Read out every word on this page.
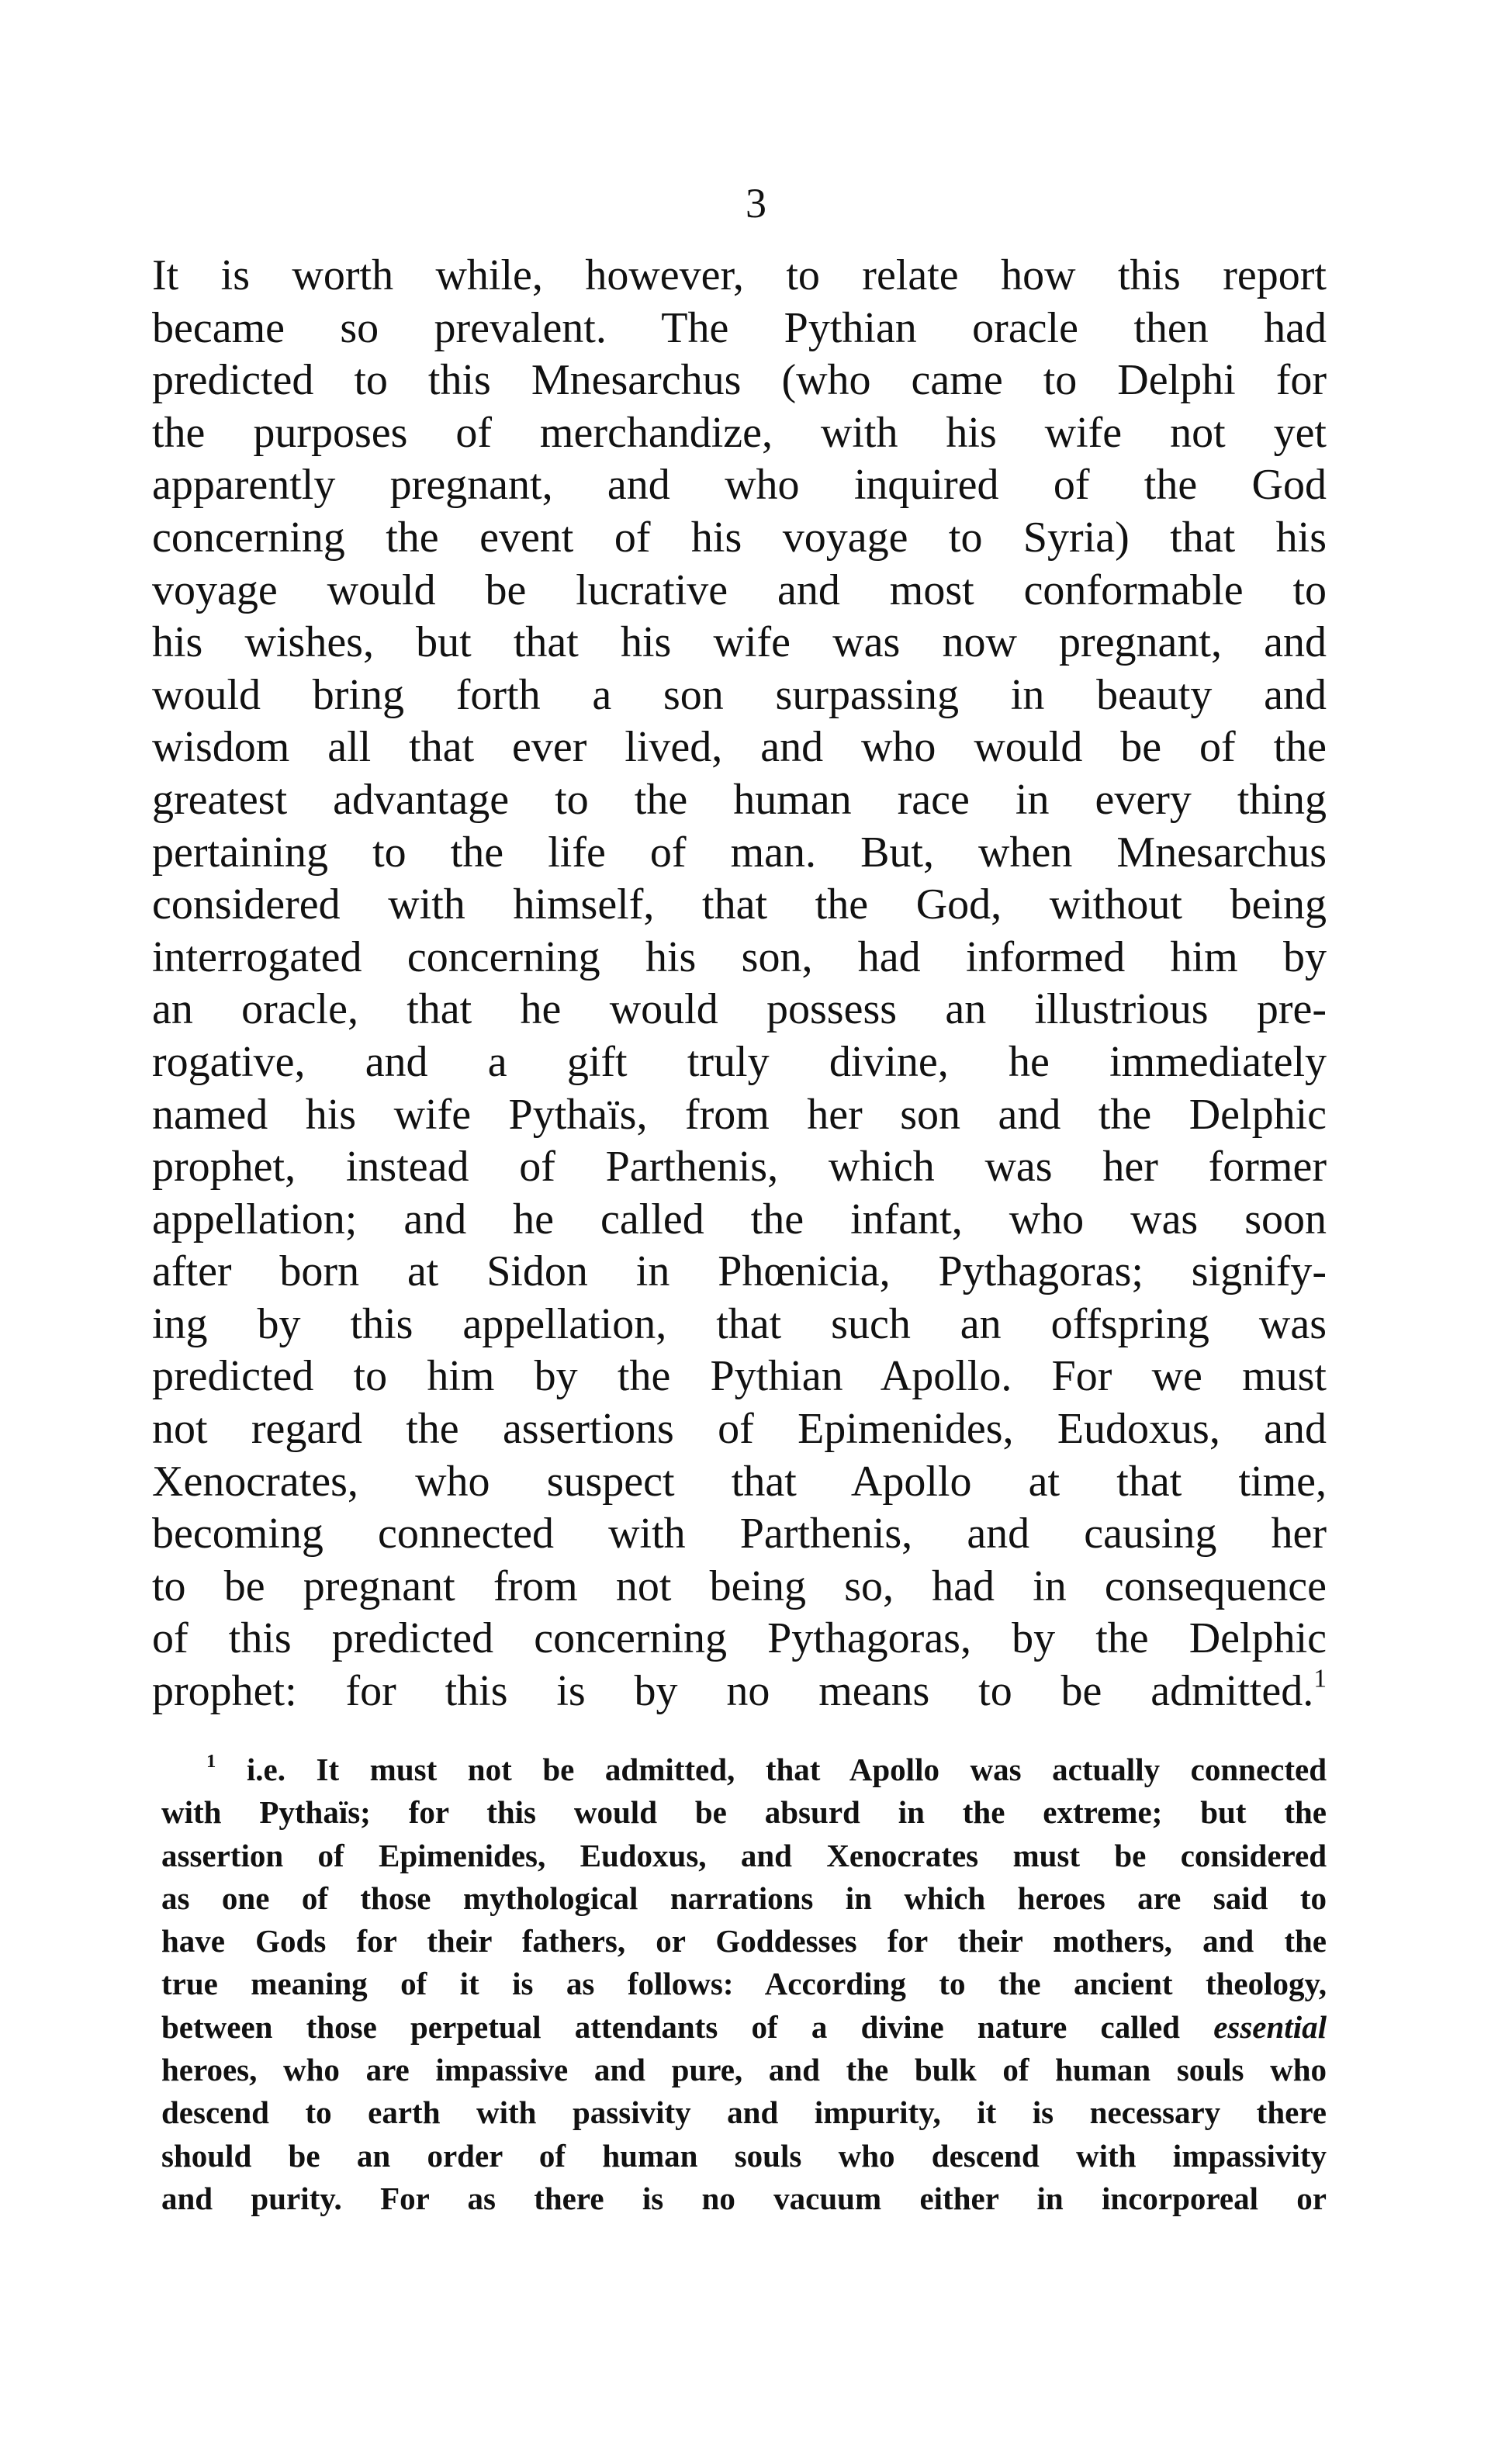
3
It is worth while, however, to relate how this report
became so prevalent. The Pythian oracle then had
predicted to this Mnesarchus (who came to Delphi for
the purposes of merchandize, with his wife not yet
apparently pregnant, and who inquired of the God
concerning the event of his voyage to Syria) that his
voyage would be lucrative and most conformable to
his wishes, but that his wife was now pregnant, and
would bring forth a son surpassing in beauty and
wisdom all that ever lived, and who would be of the
greatest advantage to the human race in every thing
pertaining to the life of man. But, when Mnesarchus
considered with himself, that the God, without being
interrogated concerning his son, had informed him by
an oracle, that he would possess an illustrious pre-
rogative, and a gift truly divine, he immediately
named his wife Pythaïs, from her son and the Delphic
prophet, instead of Parthenis, which was her former
appellation; and he called the infant, who was soon
after born at Sidon in Phœnicia, Pythagoras; signify-
ing by this appellation, that such an offspring was
predicted to him by the Pythian Apollo. For we must
not regard the assertions of Epimenides, Eudoxus, and
Xenocrates, who suspect that Apollo at that time,
becoming connected with Parthenis, and causing her
to be pregnant from not being so, had in consequence
of this predicted concerning Pythagoras, by the Delphic
prophet: for this is by no means to be admitted.$^1$
$^1$ i.e. It must not be admitted, that Apollo was actually connected
with Pythaïs; for this would be absurd in the extreme; but the
assertion of Epimenides, Eudoxus, and Xenocrates must be considered
as one of those mythological narrations in which heroes are said to
have Gods for their fathers, or Goddesses for their mothers, and the
true meaning of it is as follows: According to the ancient theology,
between those perpetual attendants of a divine nature called essential
heroes, who are impassive and pure, and the bulk of human souls who
descend to earth with passivity and impurity, it is necessary there
should be an order of human souls who descend with impassivity
and purity. For as there is no vacuum either in incorporeal or
